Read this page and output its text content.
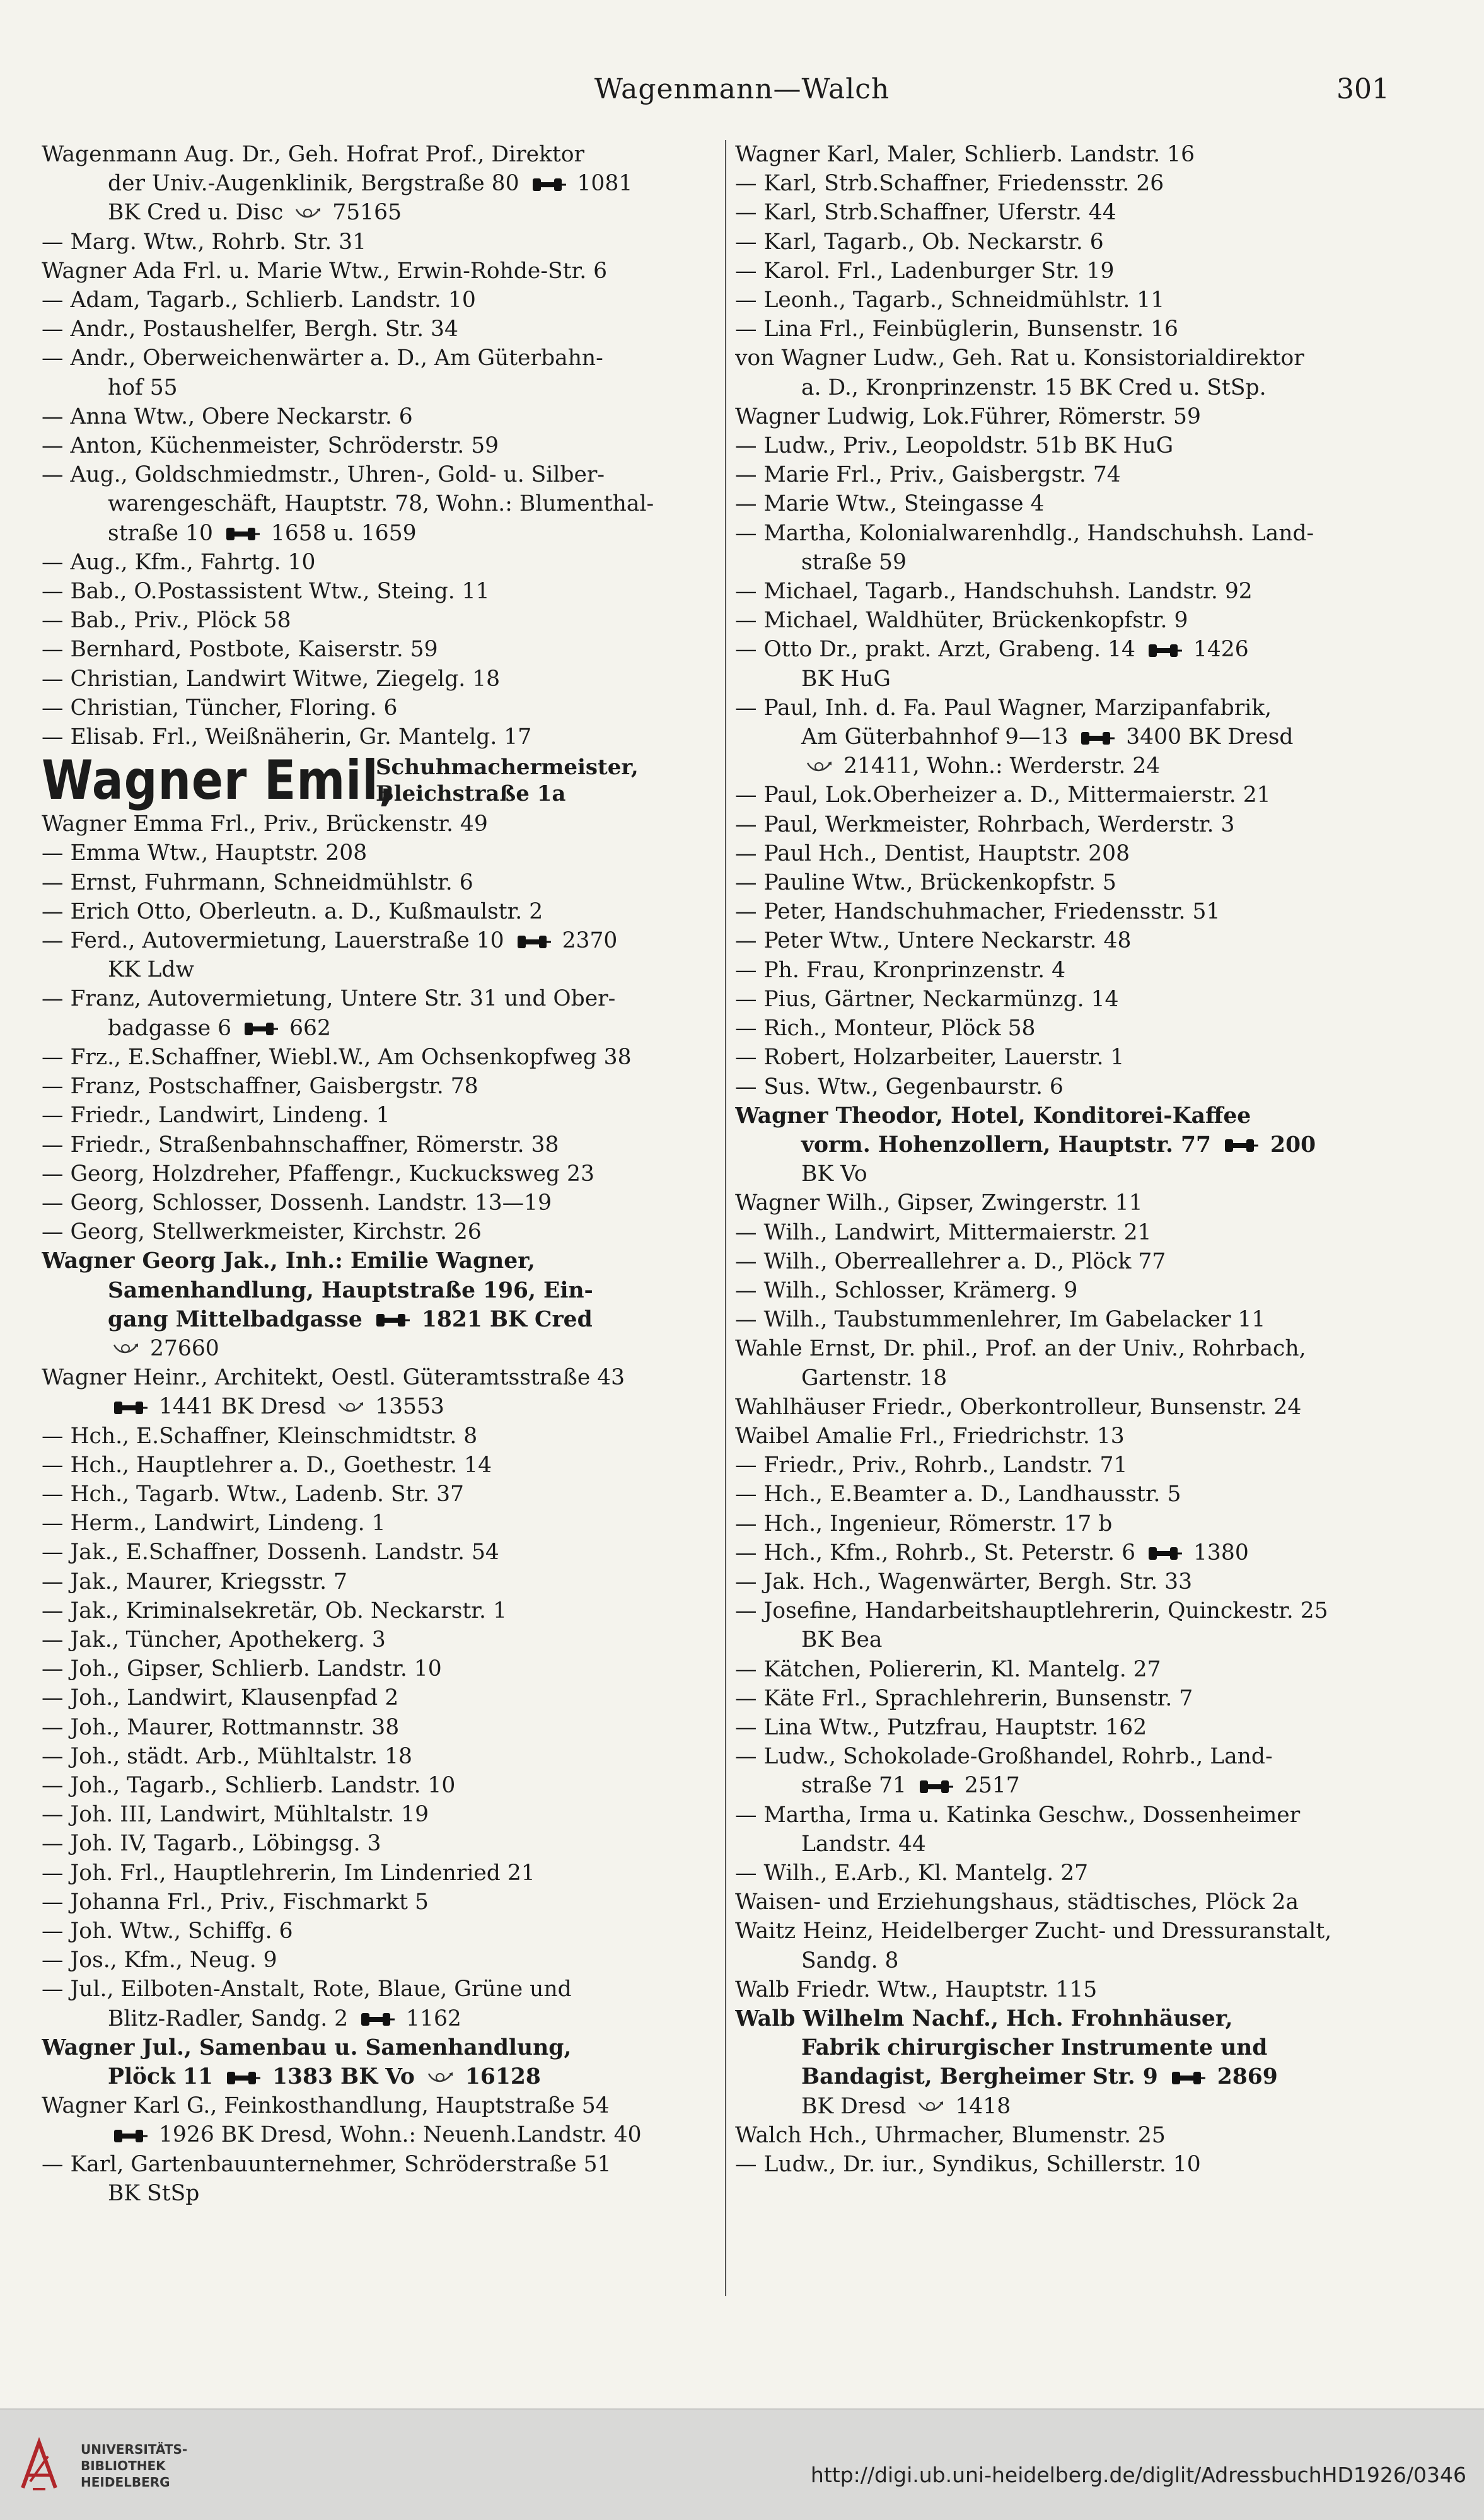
Wagenmann—Walch	301
Wagenmann Aug. Dr., Geh. Hofrat Prof., Direktor
der Univ.-Augenklinik, Bergstraße 80  1081
BK Cred u. Disc  75165
— Marg. Wtw., Rohrb. Str. 31
Wagner Ada Frl. u. Marie Wtw., Erwin-Rohde-Str. 6
— Adam, Tagarb., Schlierb. Landstr. 10
— Andr., Postaushelfer, Bergh. Str. 34
— Andr., Oberweichenwärter a. D., Am Güterbahn-
hof 55
— Anna Wtw., Obere Neckarstr. 6
— Anton, Küchenmeister, Schröderstr. 59
— Aug., Goldschmiedmstr., Uhren-, Gold- u. Silber-
warengeschäft, Hauptstr. 78, Wohn.: Blumenthal-
straße 10  1658 u. 1659
— Aug., Kfm., Fahrtg. 10
— Bab., O.Postassistent Wtw., Steing. 11
— Bab., Priv., Plöck 58
— Bernhard, Postbote, Kaiserstr. 59
— Christian, Landwirt Witwe, Ziegelg. 18
— Christian, Tüncher, Floring. 6
— Elisab. Frl., Weißnäherin, Gr. Mantelg. 17
Wagner Emil,
Schuhmachermeister,
Bleichstraße 1a
Wagner Emma Frl., Priv., Brückenstr. 49
— Emma Wtw., Hauptstr. 208
— Ernst, Fuhrmann, Schneidmühlstr. 6
— Erich Otto, Oberleutn. a. D., Kußmaulstr. 2
— Ferd., Autovermietung, Lauerstraße 10  2370
KK Ldw
— Franz, Autovermietung, Untere Str. 31 und Ober-
badgasse 6  662
— Frz., E.Schaffner, Wiebl.W., Am Ochsenkopfweg 38
— Franz, Postschaffner, Gaisbergstr. 78
— Friedr., Landwirt, Lindeng. 1
— Friedr., Straßenbahnschaffner, Römerstr. 38
— Georg, Holzdreher, Pfaffengr., Kuckucksweg 23
— Georg, Schlosser, Dossenh. Landstr. 13—19
— Georg, Stellwerkmeister, Kirchstr. 26
Wagner Georg Jak., Inh.: Emilie Wagner,
Samenhandlung, Hauptstraße 196, Ein-
gang Mittelbadgasse  1821 BK Cred
27660
Wagner Heinr., Architekt, Oestl. Güteramtsstraße 43
1441 BK Dresd  13553
— Hch., E.Schaffner, Kleinschmidtstr. 8
— Hch., Hauptlehrer a. D., Goethestr. 14
— Hch., Tagarb. Wtw., Ladenb. Str. 37
— Herm., Landwirt, Lindeng. 1
— Jak., E.Schaffner, Dossenh. Landstr. 54
— Jak., Maurer, Kriegsstr. 7
— Jak., Kriminalsekretär, Ob. Neckarstr. 1
— Jak., Tüncher, Apothekerg. 3
— Joh., Gipser, Schlierb. Landstr. 10
— Joh., Landwirt, Klausenpfad 2
— Joh., Maurer, Rottmannstr. 38
— Joh., städt. Arb., Mühltalstr. 18
— Joh., Tagarb., Schlierb. Landstr. 10
— Joh. III, Landwirt, Mühltalstr. 19
— Joh. IV, Tagarb., Löbingsg. 3
— Joh. Frl., Hauptlehrerin, Im Lindenried 21
— Johanna Frl., Priv., Fischmarkt 5
— Joh. Wtw., Schiffg. 6
— Jos., Kfm., Neug. 9
— Jul., Eilboten-Anstalt, Rote, Blaue, Grüne und
Blitz-Radler, Sandg. 2  1162
Wagner Jul., Samenbau u. Samenhandlung,
Plöck 11  1383 BK Vo  16128
Wagner Karl G., Feinkosthandlung, Hauptstraße 54
1926 BK Dresd, Wohn.: Neuenh.Landstr. 40
— Karl, Gartenbauunternehmer, Schröderstraße 51
BK StSp
Wagner Karl, Maler, Schlierb. Landstr. 16
— Karl, Strb.Schaffner, Friedensstr. 26
— Karl, Strb.Schaffner, Uferstr. 44
— Karl, Tagarb., Ob. Neckarstr. 6
— Karol. Frl., Ladenburger Str. 19
— Leonh., Tagarb., Schneidmühlstr. 11
— Lina Frl., Feinbüglerin, Bunsenstr. 16
von Wagner Ludw., Geh. Rat u. Konsistorialdirektor
a. D., Kronprinzenstr. 15 BK Cred u. StSp.
Wagner Ludwig, Lok.Führer, Römerstr. 59
— Ludw., Priv., Leopoldstr. 51b BK HuG
— Marie Frl., Priv., Gaisbergstr. 74
— Marie Wtw., Steingasse 4
— Martha, Kolonialwarenhdlg., Handschuhsh. Land-
straße 59
— Michael, Tagarb., Handschuhsh. Landstr. 92
— Michael, Waldhüter, Brückenkopfstr. 9
— Otto Dr., prakt. Arzt, Grabeng. 14  1426
BK HuG
— Paul, Inh. d. Fa. Paul Wagner, Marzipanfabrik,
Am Güterbahnhof 9—13  3400 BK Dresd
21411, Wohn.: Werderstr. 24
— Paul, Lok.Oberheizer a. D., Mittermaierstr. 21
— Paul, Werkmeister, Rohrbach, Werderstr. 3
— Paul Hch., Dentist, Hauptstr. 208
— Pauline Wtw., Brückenkopfstr. 5
— Peter, Handschuhmacher, Friedensstr. 51
— Peter Wtw., Untere Neckarstr. 48
— Ph. Frau, Kronprinzenstr. 4
— Pius, Gärtner, Neckarmünzg. 14
— Rich., Monteur, Plöck 58
— Robert, Holzarbeiter, Lauerstr. 1
— Sus. Wtw., Gegenbaurstr. 6
Wagner Theodor, Hotel, Konditorei-Kaffee
vorm. Hohenzollern, Hauptstr. 77  200
BK Vo
Wagner Wilh., Gipser, Zwingerstr. 11
— Wilh., Landwirt, Mittermaierstr. 21
— Wilh., Oberreallehrer a. D., Plöck 77
— Wilh., Schlosser, Krämerg. 9
— Wilh., Taubstummenlehrer, Im Gabelacker 11
Wahle Ernst, Dr. phil., Prof. an der Univ., Rohrbach,
Gartenstr. 18
Wahlhäuser Friedr., Oberkontrolleur, Bunsenstr. 24
Waibel Amalie Frl., Friedrichstr. 13
— Friedr., Priv., Rohrb., Landstr. 71
— Hch., E.Beamter a. D., Landhausstr. 5
— Hch., Ingenieur, Römerstr. 17 b
— Hch., Kfm., Rohrb., St. Peterstr. 6  1380
— Jak. Hch., Wagenwärter, Bergh. Str. 33
— Josefine, Handarbeitshauptlehrerin, Quinckestr. 25
BK Bea
— Kätchen, Poliererin, Kl. Mantelg. 27
— Käte Frl., Sprachlehrerin, Bunsenstr. 7
— Lina Wtw., Putzfrau, Hauptstr. 162
— Ludw., Schokolade-Großhandel, Rohrb., Land-
straße 71  2517
— Martha, Irma u. Katinka Geschw., Dossenheimer
Landstr. 44
— Wilh., E.Arb., Kl. Mantelg. 27
Waisen- und Erziehungshaus, städtisches, Plöck 2a
Waitz Heinz, Heidelberger Zucht- und Dressuranstalt,
Sandg. 8
Walb Friedr. Wtw., Hauptstr. 115
Walb Wilhelm Nachf., Hch. Frohnhäuser,
Fabrik chirurgischer Instrumente und
Bandagist, Bergheimer Str. 9  2869
BK Dresd  1418
Walch Hch., Uhrmacher, Blumenstr. 25
— Ludw., Dr. iur., Syndikus, Schillerstr. 10
UNIVERSITÄTS-
BIBLIOTHEK
HEIDELBERG	http://digi.ub.uni-heidelberg.de/diglit/AdressbuchHD1926/0346
